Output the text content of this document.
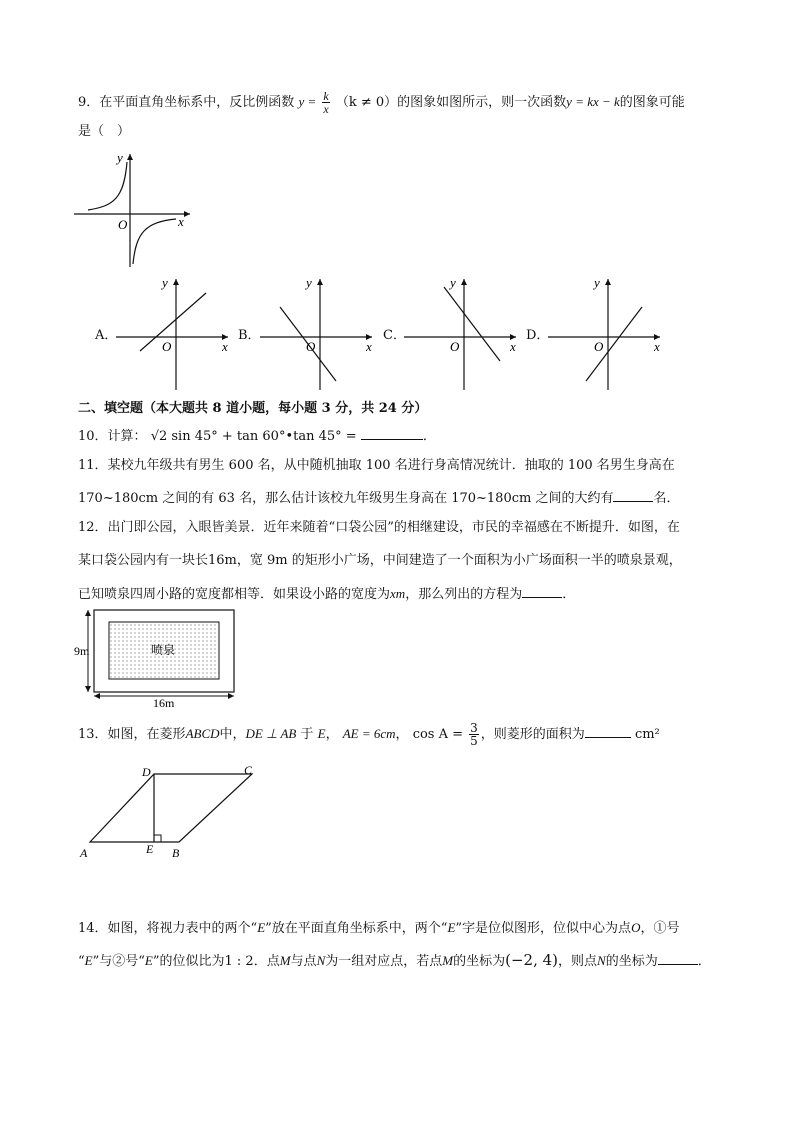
9．在平面直角坐标系中，反比例函数 $y = \frac{k}{x} (k \ne 0)$的图象如图所示，则一次函数y = kx − k的图象可能
是（　）
y
x
O
A．
y
x
O
B．
y
x
O
C．
y
x
O
D．
y
x
O
二、填空题（本大题共 8 道小题，每小题 3 分，共 24 分）
10．计算： √2 sin 45° + tan 60°•tan 45° =	．
11．某校九年级共有男生 600 名，从中随机抽取 100 名进行身高情况统计．抽取的 100 名男生身高在
170~180cm 之间的有 63 名，那么估计该校九年级男生身高在 170~180cm 之间的大约有	名．
12．出门即公园，入眼皆美景．近年来随着“口袋公园”的相继建设，市民的幸福感在不断提升．如图，在
某口袋公园内有一块长16m，宽 9m 的矩形小广场，中间建造了一个面积为小广场面积一半的喷泉景观，
已知喷泉四周小路的宽度都相等．如果设小路的宽度为xm，那么列出的方程为	．
喷泉
9m
16m
13．如图，在菱形ABCD中，DE ⊥ AB 于 E， AE = 6cm， $\cos A = \frac{3}{5}$ ，则菱形的面积为	cm²
A	B
C
D
E
14．如图，将视力表中的两个“E”放在平面直角坐标系中，两个“E”字是位似图形，位似中心为点O，①号
“E”与②号“E”的位似比为1 : 2．点M与点N为一组对应点，若点M的坐标为(−2, 4)，则点N的坐标为	．
